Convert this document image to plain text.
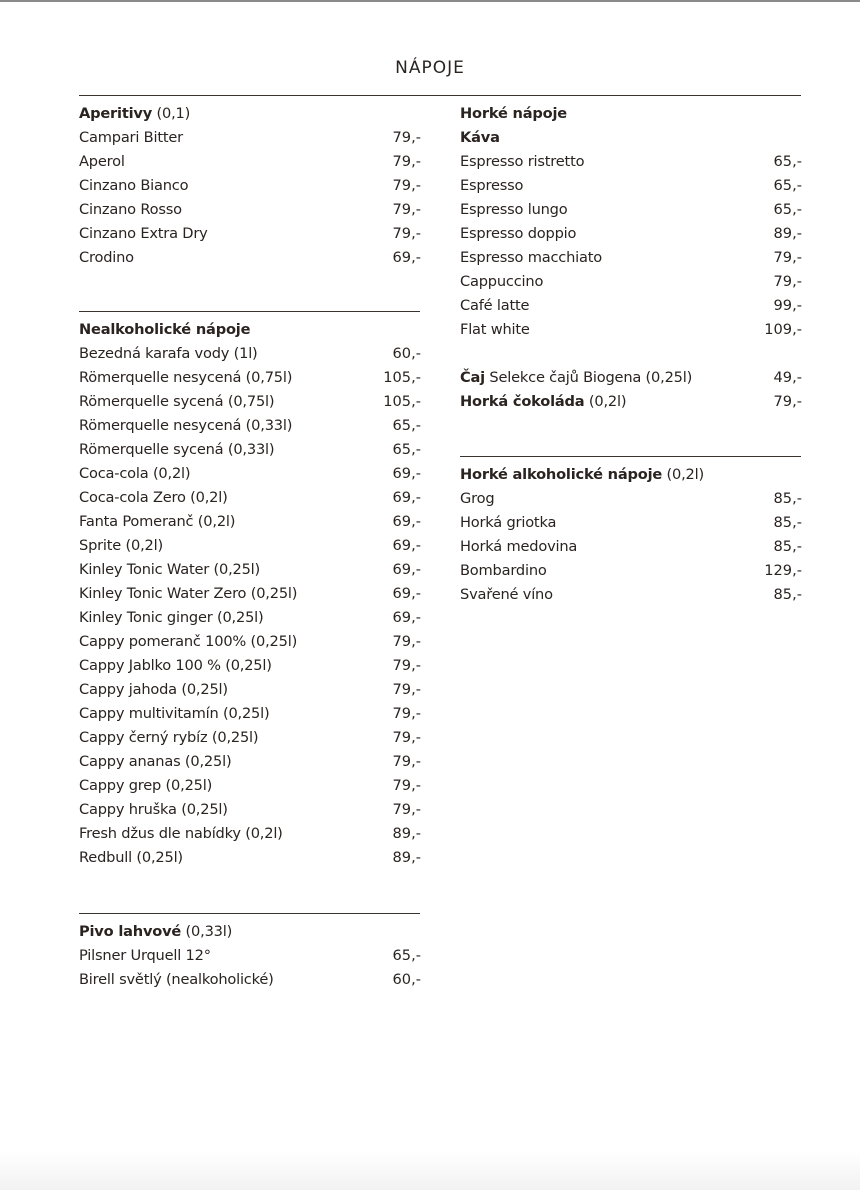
NÁPOJE
Aperitivy (0,1)
Campari Bitter	79,-
Aperol	79,-
Cinzano Bianco	79,-
Cinzano Rosso	79,-
Cinzano Extra Dry	79,-
Crodino	69,-
Nealkoholické nápoje
Bezedná karafa vody (1l)	60,-
Römerquelle nesycená (0,75l)	105,-
Römerquelle sycená (0,75l)	105,-
Römerquelle nesycená (0,33l)	65,-
Römerquelle sycená (0,33l)	65,-
Coca-cola (0,2l)	69,-
Coca-cola Zero (0,2l)	69,-
Fanta Pomeranč (0,2l)	69,-
Sprite (0,2l)	69,-
Kinley Tonic Water (0,25l)	69,-
Kinley Tonic Water Zero (0,25l)	69,-
Kinley Tonic ginger (0,25l)	69,-
Cappy pomeranč 100% (0,25l)	79,-
Cappy Jablko 100 % (0,25l)	79,-
Cappy jahoda (0,25l)	79,-
Cappy multivitamín (0,25l)	79,-
Cappy černý rybíz (0,25l)	79,-
Cappy ananas (0,25l)	79,-
Cappy grep (0,25l)	79,-
Cappy hruška (0,25l)	79,-
Fresh džus dle nabídky (0,2l)	89,-
Redbull (0,25l)	89,-
Pivo lahvové (0,33l)
Pilsner Urquell 12°	65,-
Birell světlý (nealkoholické)	60,-
Horké nápoje
Káva
Espresso ristretto	65,-
Espresso	65,-
Espresso lungo	65,-
Espresso doppio	89,-
Espresso macchiato	79,-
Cappuccino	79,-
Café latte	99,-
Flat white	109,-
Čaj Selekce čajů Biogena (0,25l)	49,-
Horká čokoláda (0,2l)	79,-
Horké alkoholické nápoje (0,2l)
Grog	85,-
Horká griotka	85,-
Horká medovina	85,-
Bombardino	129,-
Svařené víno	85,-
